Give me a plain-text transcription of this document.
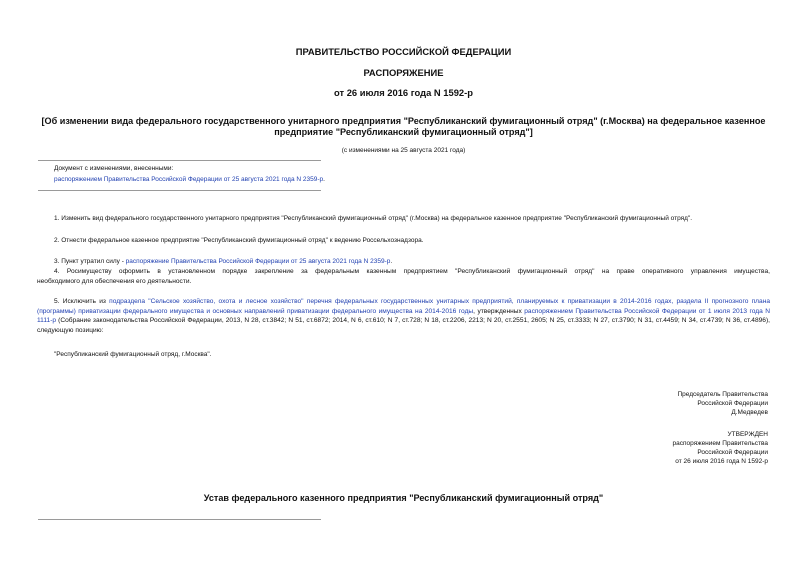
ПРАВИТЕЛЬСТВО РОССИЙСКОЙ ФЕДЕРАЦИИ
РАСПОРЯЖЕНИЕ
от 26 июля 2016 года N 1592-р
[Об изменении вида федерального государственного унитарного предприятия "Республиканский фумигационный отряд" (г.Москва) на федеральное казенное
предприятие "Республиканский фумигационный отряд"]
(с изменениями на 25 августа 2021 года)
Документ с изменениями, внесенными:
распоряжением Правительства Российской Федерации от 25 августа 2021 года N 2359-р.
1. Изменить вид федерального государственного унитарного предприятия "Республиканский фумигационный отряд" (г.Москва) на федеральное казенное предприятие "Республиканский фумигационный отряд".
2. Отнести федеральное казенное предприятие "Республиканский фумигационный отряд" к ведению Россельхознадзора.
3. Пункт утратил силу - распоряжение Правительства Российской Федерации от 25 августа 2021 года N 2359-р.
4. Росимуществу оформить в установленном порядке закрепление за федеральным казенным предприятием "Республиканский фумигационный отряд" на праве оперативного управления имущества,
необходимого для обеспечения его деятельности.
5. Исключить из подраздела "Сельское хозяйство, охота и лесное хозяйство" перечня федеральных государственных унитарных предприятий, планируемых к приватизации в 2014-2016 годах, раздела II прогнозного плана (программы) приватизации федерального имущества и основных направлений приватизации федерального имущества на 2014-2016 годы, утвержденных распоряжением Правительства Российской Федерации от 1 июля 2013 года N 1111-р (Собрание законодательства Российской Федерации, 2013, N 28, ст.3842; N 51, ст.6872; 2014, N 6, ст.610; N 7, ст.728; N 18, ст.2206, 2213; N 20, ст.2551, 2605; N 25, ст.3333; N 27, ст.3790; N 31, ст.4459; N 34, ст.4739; N 36, ст.4896), следующую позицию:
"Республиканский фумигационный отряд, г.Москва".

Председатель Правительства

Российской Федерации

Д.Медведев

УТВЕРЖДЕН

распоряжением Правительства

Российской Федерации

от 26 июля 2016 года N 1592-р

Устав федерального казенного предприятия "Республиканский фумигационный отряд"
